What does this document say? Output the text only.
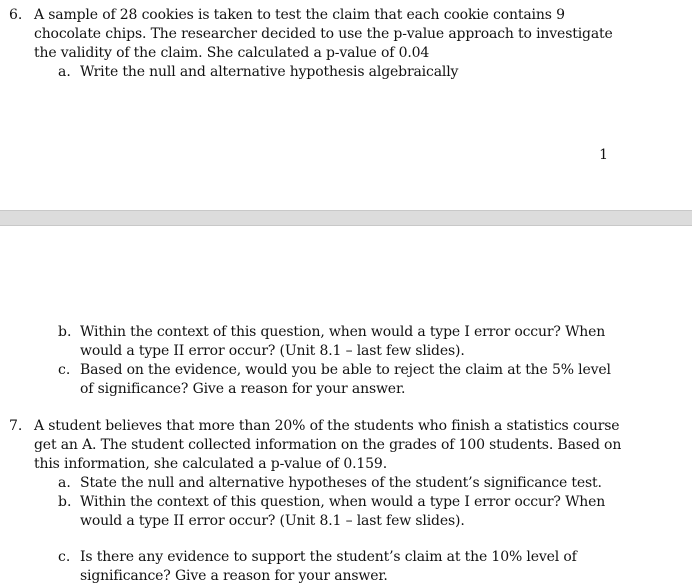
6. A sample of 28 cookies is taken to test the claim that each cookie contains 9
chocolate chips. The researcher decided to use the p-value approach to investigate
the validity of the claim. She calculated a p-value of 0.04
a. Write the null and alternative hypothesis algebraically
1
b. Within the context of this question, when would a type I error occur? When
would a type II error occur? (Unit 8.1 – last few slides).
c. Based on the evidence, would you be able to reject the claim at the 5% level
of significance? Give a reason for your answer.
7. A student believes that more than 20% of the students who finish a statistics course
get an A. The student collected information on the grades of 100 students. Based on
this information, she calculated a p-value of 0.159.
a. State the null and alternative hypotheses of the student’s significance test.
b. Within the context of this question, when would a type I error occur? When
would a type II error occur? (Unit 8.1 – last few slides).
c. Is there any evidence to support the student’s claim at the 10% level of
significance? Give a reason for your answer.
